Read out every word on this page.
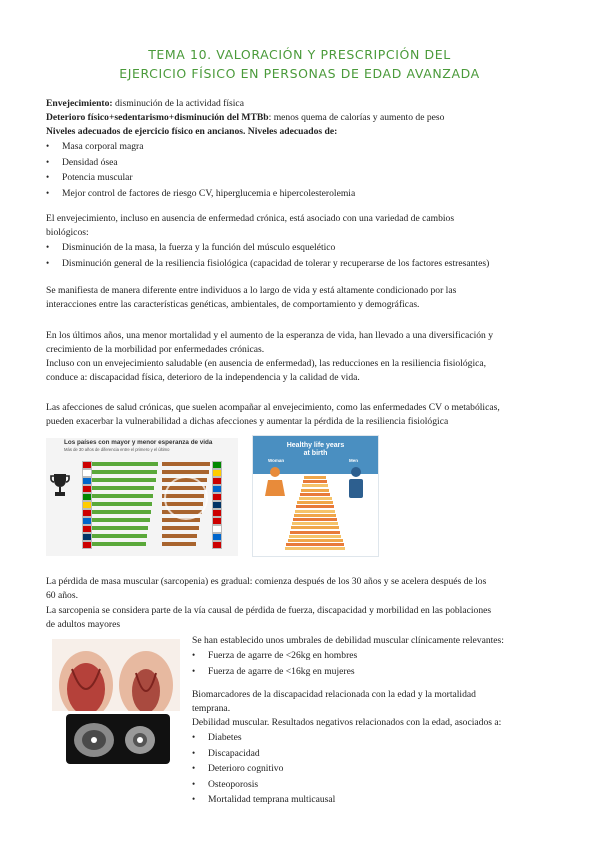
TEMA 10. VALORACIÓN Y PRESCRIPCIÓN DEL
EJERCICIO FÍSICO EN PERSONAS DE EDAD AVANZADA
Envejecimiento: disminución de la actividad física
Deterioro físico+sedentarismo+disminución del MTBb: menos quema de calorías y aumento de peso
Niveles adecuados de ejercicio físico en ancianos. Niveles adecuados de:
• Masa corporal magra
• Densidad ósea
• Potencia muscular
• Mejor control de factores de riesgo CV, hiperglucemia e hipercolesterolemia
El envejecimiento, incluso en ausencia de enfermedad crónica, está asociado con una variedad de cambios
biológicos:
• Disminución de la masa, la fuerza y la función del músculo esquelético
• Disminución general de la resiliencia fisiológica (capacidad de tolerar y recuperarse de los factores estresantes)
Se manifiesta de manera diferente entre individuos a lo largo de vida y está altamente condicionado por las
interacciones entre las características genéticas, ambientales, de comportamiento y demográficas.
En los últimos años, una menor mortalidad y el aumento de la esperanza de vida, han llevado a una diversificación y
crecimiento de la morbilidad por enfermedades crónicas.
Incluso con un envejecimiento saludable (en ausencia de enfermedad), las reducciones en la resiliencia fisiológica,
conduce a: discapacidad física, deterioro de la independencia y la calidad de vida.
Las afecciones de salud crónicas, que suelen acompañar al envejecimiento, como las enfermedades CV o metabólicas,
pueden exacerbar la vulnerabilidad a dichas afecciones y aumentar la pérdida de la resiliencia fisiológica
Los países con mayor y menor esperanza de vida
Más de 30 años de diferencia entre el primero y el último
Healthy life years
at birth
Woman	Men
La pérdida de masa muscular (sarcopenia) es gradual: comienza después de los 30 años y se acelera después de los
60 años.
La sarcopenia se considera parte de la vía causal de pérdida de fuerza, discapacidad y morbilidad en las poblaciones
de adultos mayores
Se han establecido unos umbrales de debilidad muscular clínicamente relevantes:
• Fuerza de agarre de <26kg en hombres
• Fuerza de agarre de <16kg en mujeres
Biomarcadores de la discapacidad relacionada con la edad y la mortalidad
temprana.
Debilidad muscular. Resultados negativos relacionados con la edad, asociados a:
• Diabetes
• Discapacidad
• Deterioro cognitivo
• Osteoporosis
• Mortalidad temprana multicausal
